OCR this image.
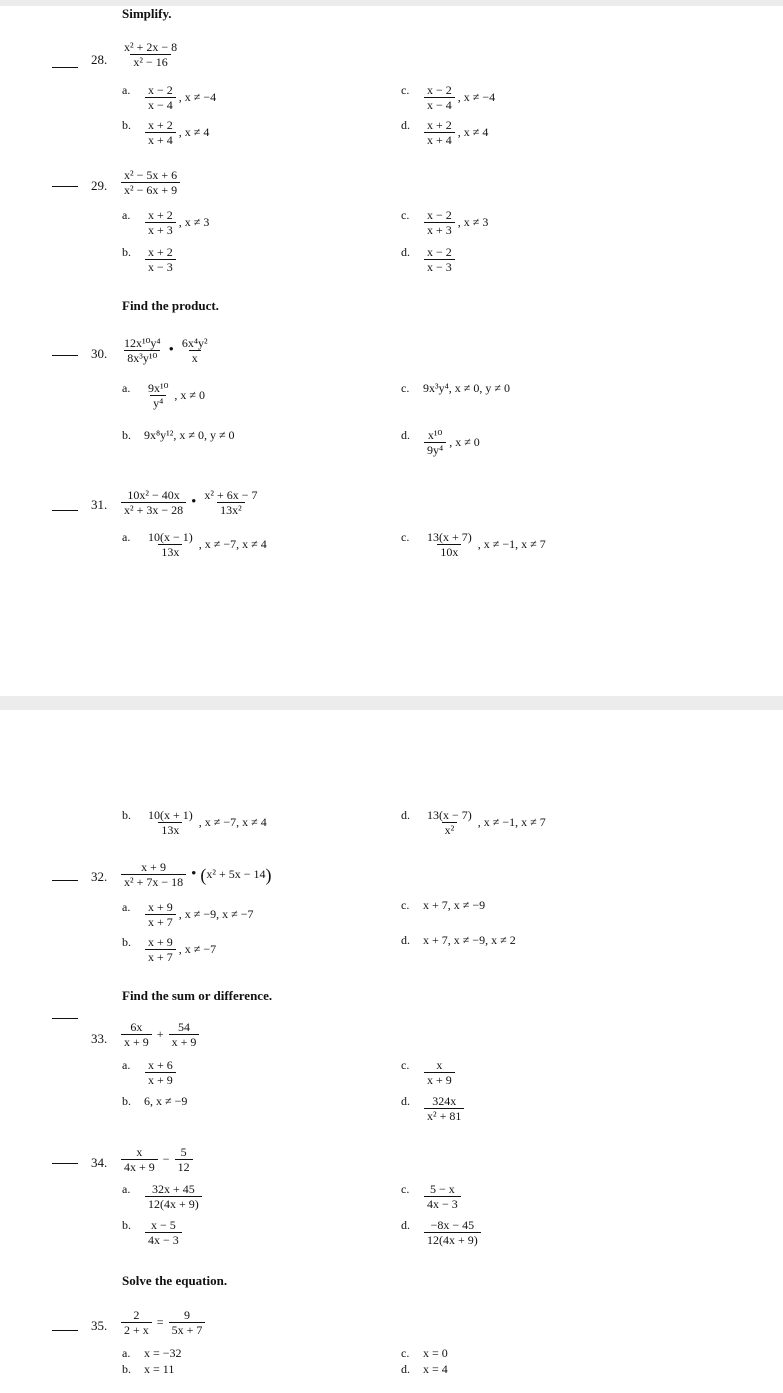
Simplify.
Find the product.
Find the sum or difference.
Solve the equation.
28. $\frac{\text{x² + 2x − 8}}{\text{x² − 16}}$
a. $\frac{x - 2}{x - 4}$ , x ≠ −4
b. $\frac{x + 2}{x + 4}$ , x ≠ 4
c. $\frac{x - 2}{x - 4}$ , x ≠ −4
d. $\frac{x + 2}{x + 4}$ , x ≠ 4
29. $\frac{\text{x² − 5x + 6}}{\text{x² − 6x + 9}}$
a. $\frac{x + 2}{x + 3}$ , x ≠ 3
b. $\frac{x + 2}{x - 3}$
c. $\frac{x - 2}{x + 3}$ , x ≠ 3
d. $\frac{x - 2}{x - 3}$
30. $\frac{\text{12x¹⁰y⁴}}{\text{8x³y¹⁰}}$ • $\frac{\text{6x⁴y²}}{x}$
a. $\frac{\text{9x¹⁰}}{\text{y⁴}}$ , x ≠ 0
b. 9x⁸y¹², x ≠ 0, y ≠ 0
c. 9x³y⁴, x ≠ 0, y ≠ 0
d. $\frac{\text{x¹⁰}}{\text{9y⁴}}$ , x ≠ 0
31. $\frac{\text{10x² − 40x}}{\text{x² + 3x − 28}}$ • $\frac{\text{x² + 6x − 7}}{\text{13x²}}$
a. $\frac{10(x - 1)}{13x}$ , x ≠ −7, x ≠ 4	c. $\frac{13(x + 7)}{10x}$ , x ≠ −1, x ≠ 7
b. $\frac{10(x + 1)}{13x}$ , x ≠ −7, x ≠ 4	d. $\frac{13(x - 7)}{\text{x²}}$ , x ≠ −1, x ≠ 7
32. $\frac{x + 9}{\text{x² + 7x − 18}}$ • ( x² + 5x − 14 )
a. $\frac{x + 9}{x + 7}$ , x ≠ −9, x ≠ −7
b. $\frac{x + 9}{x + 7}$ , x ≠ −7
c. x + 7, x ≠ −9
d. x + 7, x ≠ −9, x ≠ 2
33. $\frac{6x}{x + 9} + \frac{54}{x + 9}$
a. $\frac{x + 6}{x + 9}$
b. 6, x ≠ −9
c. $\frac{x}{x + 9}$
d. $\frac{324x}{\text{x² + 81}}$
34. $\frac{x}{4x + 9} - \frac{5}{12}$
a. $\frac{32x + 45}{12(4x + 9)}$
b. $\frac{x - 5}{4x - 3}$
c. $\frac{5 - x}{4x - 3}$
d. $\frac{-8x - 45}{12(4x + 9)}$
35. $\frac{2}{2 + x} = \frac{9}{5x + 7}$
a. x = −32
b. x = 11
c. x = 0
d. x = 4
